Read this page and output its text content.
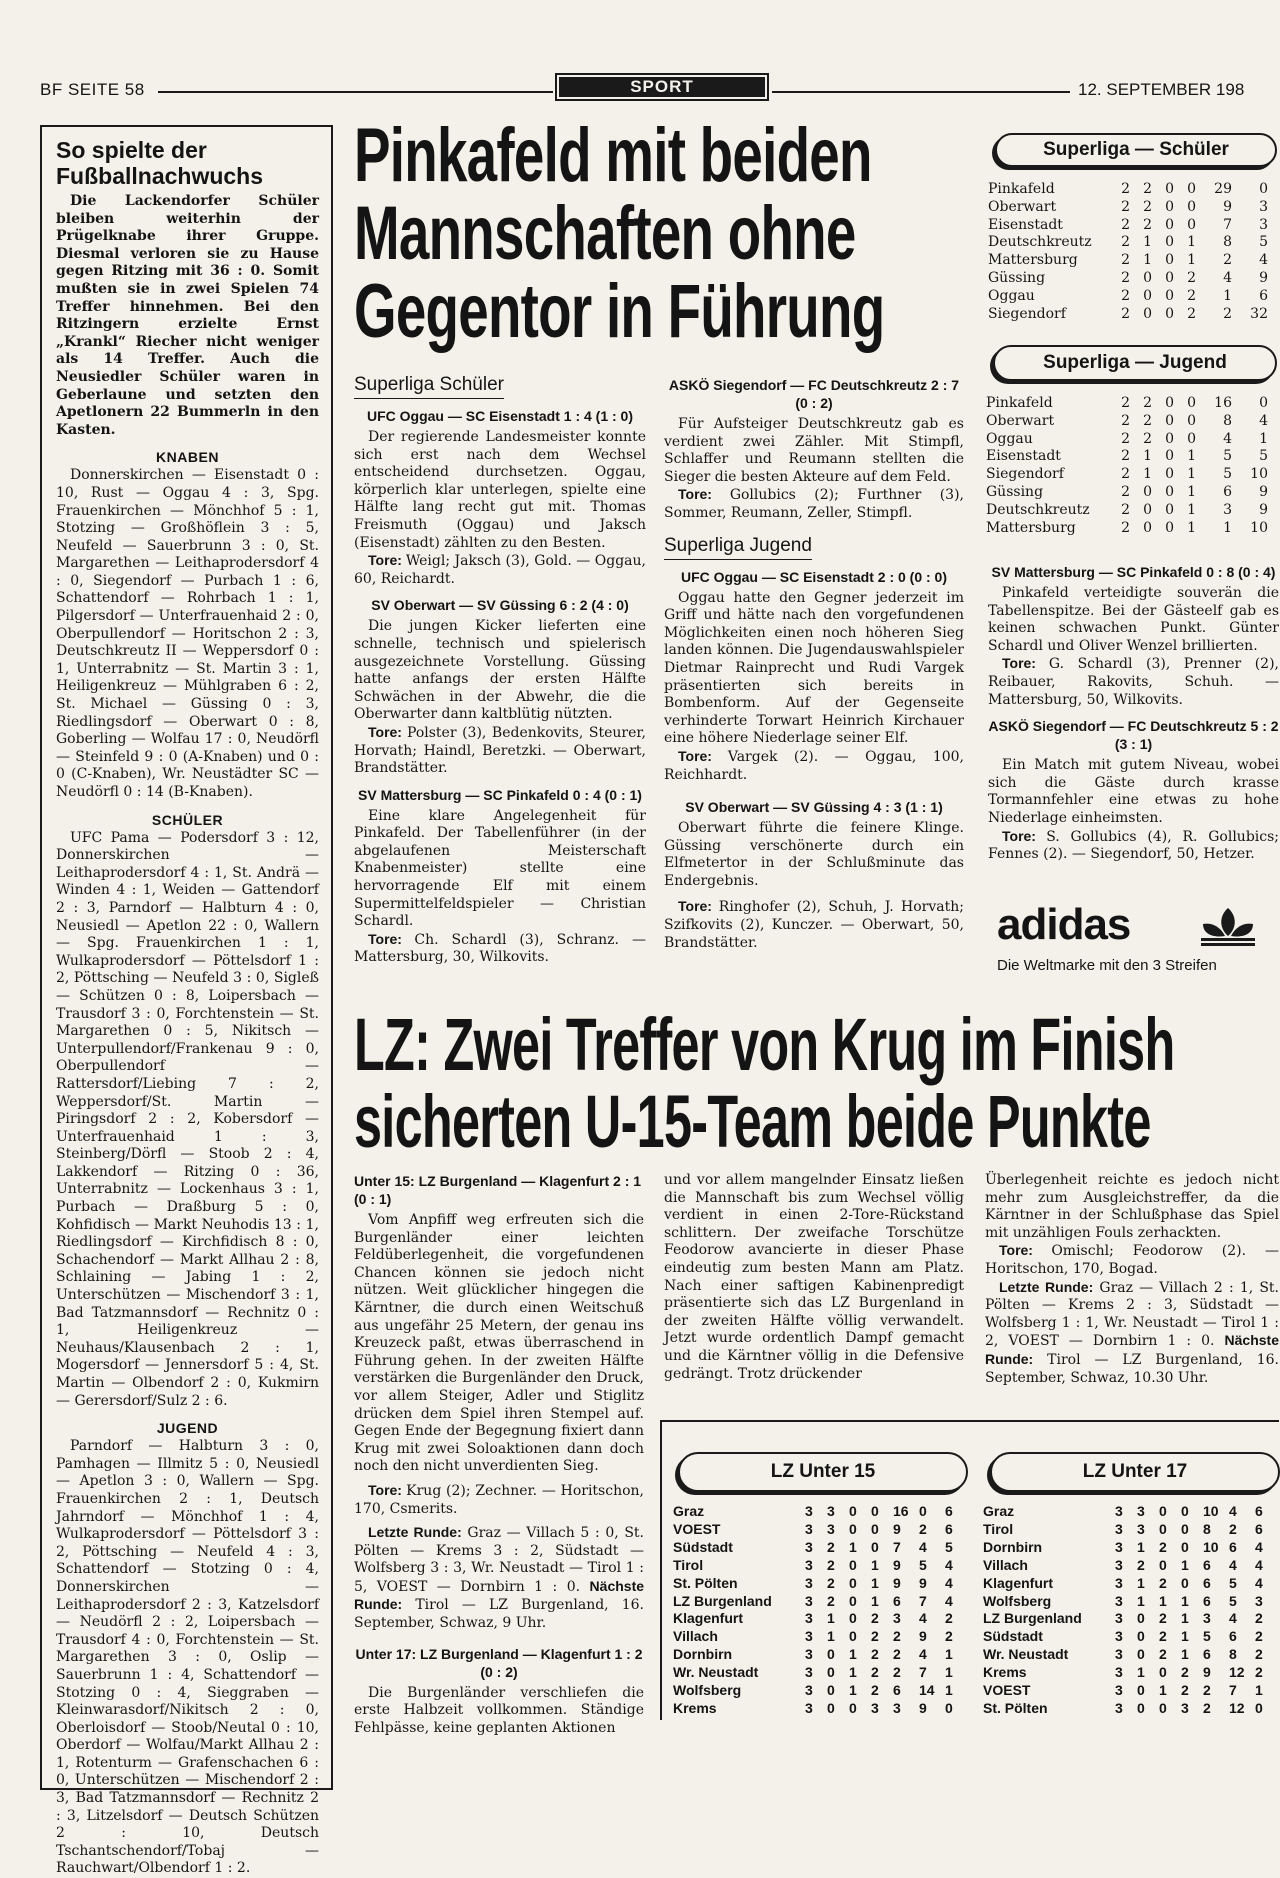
BF SEITE 58	SPORT	12. SEPTEMBER 198
So spielte der Fußballnachwuchs

Die Lackendorfer Schüler bleiben weiterhin der Prügelknabe ihrer Gruppe. Diesmal verloren sie zu Hause gegen Ritzing mit 36 : 0. Somit mußten sie in zwei Spielen 74 Treffer hinnehmen. Bei den Ritzingern erzielte Ernst „Krankl“ Riecher nicht weniger als 14 Treffer. Auch die Neusiedler Schüler waren in Geberlaune und setzten den Apetlonern 22 Bummerln in den Kasten.

KNABEN

Donnerskirchen — Eisenstadt 0 : 10, Rust — Oggau 4 : 3, Spg. Frauenkirchen — Mönchhof 5 : 1, Stotzing — Großhöflein 3 : 5, Neufeld — Sauerbrunn 3 : 0, St. Margarethen — Leithaprodersdorf 4 : 0, Siegendorf — Purbach 1 : 6, Schattendorf — Rohrbach 1 : 1, Pilgersdorf — Unterfrauenhaid 2 : 0, Oberpullendorf — Horitschon 2 : 3, Deutschkreutz II — Weppersdorf 0 : 1, Unterrabnitz — St. Martin 3 : 1, Heiligenkreuz — Mühlgraben 6 : 2, St. Michael — Güssing 0 : 3, Riedlingsdorf — Oberwart 0 : 8, Goberling — Wolfau 17 : 0, Neudörfl — Steinfeld 9 : 0 (A-Knaben) und 0 : 0 (C-Knaben), Wr. Neustädter SC — Neudörfl 0 : 14 (B-Knaben).

SCHÜLER

UFC Pama — Podersdorf 3 : 12, Donnerskirchen — Leithaprodersdorf 4 : 1, St. Andrä — Winden 4 : 1, Weiden — Gattendorf 2 : 3, Parndorf — Halbturn 4 : 0, Neusiedl — Apetlon 22 : 0, Wallern — Spg. Frauenkirchen 1 : 1, Wulkaprodersdorf — Pöttelsdorf 1 : 2, Pöttsching — Neufeld 3 : 0, Sigleß — Schützen 0 : 8, Loipersbach — Trausdorf 3 : 0, Forchtenstein — St. Margarethen 0 : 5, Nikitsch — Unterpullendorf/Frankenau 9 : 0, Oberpullendorf — Rattersdorf/Liebing 7 : 2, Weppersdorf/St. Martin — Piringsdorf 2 : 2, Kobersdorf — Unterfrauenhaid 1 : 3, Steinberg/Dörfl — Stoob 2 : 4, Lakkendorf — Ritzing 0 : 36, Unterrabnitz — Lockenhaus 3 : 1, Purbach — Draßburg 5 : 0, Kohfidisch — Markt Neuhodis 13 : 1, Riedlingsdorf — Kirchfidisch 8 : 0, Schachendorf — Markt Allhau 2 : 8, Schlaining — Jabing 1 : 2, Unterschützen — Mischendorf 3 : 1, Bad Tatzmannsdorf — Rechnitz 0 : 1, Heiligenkreuz — Neuhaus/Klausenbach 2 : 1, Mogersdorf — Jennersdorf 5 : 4, St. Martin — Olbendorf 2 : 0, Kukmirn — Gerersdorf/Sulz 2 : 6.

JUGEND

Parndorf — Halbturn 3 : 0, Pamhagen — Illmitz 5 : 0, Neusiedl — Apetlon 3 : 0, Wallern — Spg. Frauenkirchen 2 : 1, Deutsch Jahrndorf — Mönchhof 1 : 4, Wulkaprodersdorf — Pöttelsdorf 3 : 2, Pöttsching — Neufeld 4 : 3, Schattendorf — Stotzing 0 : 4, Donnerskirchen — Leithaprodersdorf 2 : 3, Katzelsdorf — Neudörfl 2 : 2, Loipersbach — Trausdorf 4 : 0, Forchtenstein — St. Margarethen 3 : 0, Oslip — Sauerbrunn 1 : 4, Schattendorf — Stotzing 0 : 4, Sieggraben — Kleinwarasdorf/Nikitsch 2 : 0, Oberloisdorf — Stoob/Neutal 0 : 10, Oberdorf — Wolfau/Markt Allhau 2 : 1, Rotenturm — Grafenschachen 6 : 0, Unterschützen — Mischendorf 2 : 3, Bad Tatzmannsdorf — Rechnitz 2 : 3, Litzelsdorf — Deutsch Schützen 2 : 10, Deutsch Tschantschendorf/Tobaj — Rauchwart/Olbendorf 1 : 2.

Pinkafeld mit beiden
Mannschaften ohne
Gegentor in Führung
Superliga Schüler
UFC Oggau — SC Eisenstadt 1 : 4 (1 : 0)

Der regierende Landesmeister konnte sich erst nach dem Wechsel entscheidend durchsetzen. Oggau, körperlich klar unterlegen, spielte eine Hälfte lang recht gut mit. Thomas Freismuth (Oggau) und Jaksch (Eisenstadt) zählten zu den Besten.

Tore: Weigl; Jaksch (3), Gold. — Oggau, 60, Reichardt.

SV Oberwart — SV Güssing 6 : 2 (4 : 0)

Die jungen Kicker lieferten eine schnelle, technisch und spielerisch ausgezeichnete Vorstellung. Güssing hatte anfangs der ersten Hälfte Schwächen in der Abwehr, die die Oberwarter dann kaltblütig nützten.

Tore: Polster (3), Bedenkovits, Steurer, Horvath; Haindl, Beretzki. — Oberwart, Brandstätter.

SV Mattersburg — SC Pinkafeld 0 : 4 (0 : 1)

Eine klare Angelegenheit für Pinkafeld. Der Tabellenführer (in der abgelaufenen Meisterschaft Knabenmeister) stellte eine hervorragende Elf mit einem Supermittelfeldspieler — Christian Schardl.

Tore: Ch. Schardl (3), Schranz. — Mattersburg, 30, Wilkovits.

ASKÖ Siegendorf — FC Deutschkreutz 2 : 7 (0 : 2)

Für Aufsteiger Deutschkreutz gab es verdient zwei Zähler. Mit Stimpfl, Schlaffer und Reumann stellten die Sieger die besten Akteure auf dem Feld.

Tore: Gollubics (2); Furthner (3), Sommer, Reumann, Zeller, Stimpfl.

Superliga Jugend
UFC Oggau — SC Eisenstadt 2 : 0 (0 : 0)

Oggau hatte den Gegner jederzeit im Griff und hätte nach den vorgefundenen Möglichkeiten einen noch höheren Sieg landen können. Die Jugendauswahlspieler Dietmar Rainprecht und Rudi Vargek präsentierten sich bereits in Bombenform. Auf der Gegenseite verhinderte Torwart Heinrich Kirchauer eine höhere Niederlage seiner Elf.

Tore: Vargek (2). — Oggau, 100, Reichhardt.

SV Oberwart — SV Güssing 4 : 3 (1 : 1)

Oberwart führte die feinere Klinge. Güssing verschönerte durch ein Elfmetertor in der Schlußminute das Endergebnis.

Tore: Ringhofer (2), Schuh, J. Horvath; Szifkovits (2), Kunczer. — Oberwart, 50, Brandstätter.

Superliga — Schüler
Pinkafeld	2	2	0	0	29	0
Oberwart	2	2	0	0	9	3
Eisenstadt	2	2	0	0	7	3
Deutschkreutz	2	1	0	1	8	5
Mattersburg	2	1	0	1	2	4
Güssing	2	0	0	2	4	9
Oggau	2	0	0	2	1	6
Siegendorf	2	0	0	2	2	32
Superliga — Jugend
Pinkafeld	2	2	0	0	16	0
Oberwart	2	2	0	0	8	4
Oggau	2	2	0	0	4	1
Eisenstadt	2	1	0	1	5	5
Siegendorf	2	1	0	1	5	10
Güssing	2	0	0	1	6	9
Deutschkreutz	2	0	0	1	3	9
Mattersburg	2	0	0	1	1	10
SV Mattersburg — SC Pinkafeld 0 : 8 (0 : 4)

Pinkafeld verteidigte souverän die Tabellenspitze. Bei der Gästeelf gab es keinen schwachen Punkt. Günter Schardl und Oliver Wenzel brillierten.

Tore: G. Schardl (3), Prenner (2), Reibauer, Rakovits, Schuh. — Mattersburg, 50, Wilkovits.

ASKÖ Siegendorf — FC Deutschkreutz 5 : 2 (3 : 1)

Ein Match mit gutem Niveau, wobei sich die Gäste durch krasse Tormannfehler eine etwas zu hohe Niederlage einheimsten.

Tore: S. Gollubics (4), R. Gollubics; Fennes (2). — Siegendorf, 50, Hetzer.

adidas
Die Weltmarke mit den 3 Streifen
LZ: Zwei Treffer von Krug im Finish
sicherten U-15-Team beide Punkte
Unter 15: LZ Burgenland — Klagenfurt 2 : 1 (0 : 1)

Vom Anpfiff weg erfreuten sich die Burgenländer einer leichten Feldüberlegenheit, die vorgefundenen Chancen können sie jedoch nicht nützen. Weit glücklicher hingegen die Kärntner, die durch einen Weitschuß aus ungefähr 25 Metern, der genau ins Kreuzeck paßt, etwas überraschend in Führung gehen. In der zweiten Hälfte verstärken die Burgenländer den Druck, vor allem Steiger, Adler und Stiglitz drücken dem Spiel ihren Stempel auf. Gegen Ende der Begegnung fixiert dann Krug mit zwei Soloaktionen dann doch noch den nicht unverdienten Sieg.

Tore: Krug (2); Zechner. — Horitschon, 170, Csmerits.

Letzte Runde: Graz — Villach 5 : 0, St. Pölten — Krems 3 : 2, Südstadt — Wolfsberg 3 : 3, Wr. Neustadt — Tirol 1 : 5, VOEST — Dornbirn 1 : 0. Nächste Runde: Tirol — LZ Burgenland, 16. September, Schwaz, 9 Uhr.

Unter 17: LZ Burgenland — Klagenfurt 1 : 2 (0 : 2)

Die Burgenländer verschliefen die erste Halbzeit vollkommen. Ständige Fehlpässe, keine geplanten Aktionen

und vor allem mangelnder Einsatz ließen die Mannschaft bis zum Wechsel völlig verdient in einen 2-Tore-Rückstand schlittern. Der zweifache Torschütze Feodorow avancierte in dieser Phase eindeutig zum besten Mann am Platz. Nach einer saftigen Kabinenpredigt präsentierte sich das LZ Burgenland in der zweiten Hälfte völlig verwandelt. Jetzt wurde ordentlich Dampf gemacht und die Kärntner völlig in die Defensive gedrängt. Trotz drückender

Überlegenheit reichte es jedoch nicht mehr zum Ausgleichstreffer, da die Kärntner in der Schlußphase das Spiel mit unzähligen Fouls zerhackten.

Tore: Omischl; Feodorow (2). — Horitschon, 170, Bogad.

Letzte Runde: Graz — Villach 2 : 1, St. Pölten — Krems 2 : 3, Südstadt — Wolfsberg 1 : 1, Wr. Neustadt — Tirol 1 : 2, VOEST — Dornbirn 1 : 0. Nächste Runde: Tirol — LZ Burgenland, 16. September, Schwaz, 10.30 Uhr.

LZ Unter 15
Graz	3	3	0	0	16	0	6
VOEST	3	3	0	0	9	2	6
Südstadt	3	2	1	0	7	4	5
Tirol	3	2	0	1	9	5	4
St. Pölten	3	2	0	1	9	9	4
LZ Burgenland	3	2	0	1	6	7	4
Klagenfurt	3	1	0	2	3	4	2
Villach	3	1	0	2	2	9	2
Dornbirn	3	0	1	2	2	4	1
Wr. Neustadt	3	0	1	2	2	7	1
Wolfsberg	3	0	1	2	6	14	1
Krems	3	0	0	3	3	9	0
LZ Unter 17
Graz	3	3	0	0	10	4	6
Tirol	3	3	0	0	8	2	6
Dornbirn	3	1	2	0	10	6	4
Villach	3	2	0	1	6	4	4
Klagenfurt	3	1	2	0	6	5	4
Wolfsberg	3	1	1	1	6	5	3
LZ Burgenland	3	0	2	1	3	4	2
Südstadt	3	0	2	1	5	6	2
Wr. Neustadt	3	0	2	1	6	8	2
Krems	3	1	0	2	9	12	2
VOEST	3	0	1	2	2	7	1
St. Pölten	3	0	0	3	2	12	0
